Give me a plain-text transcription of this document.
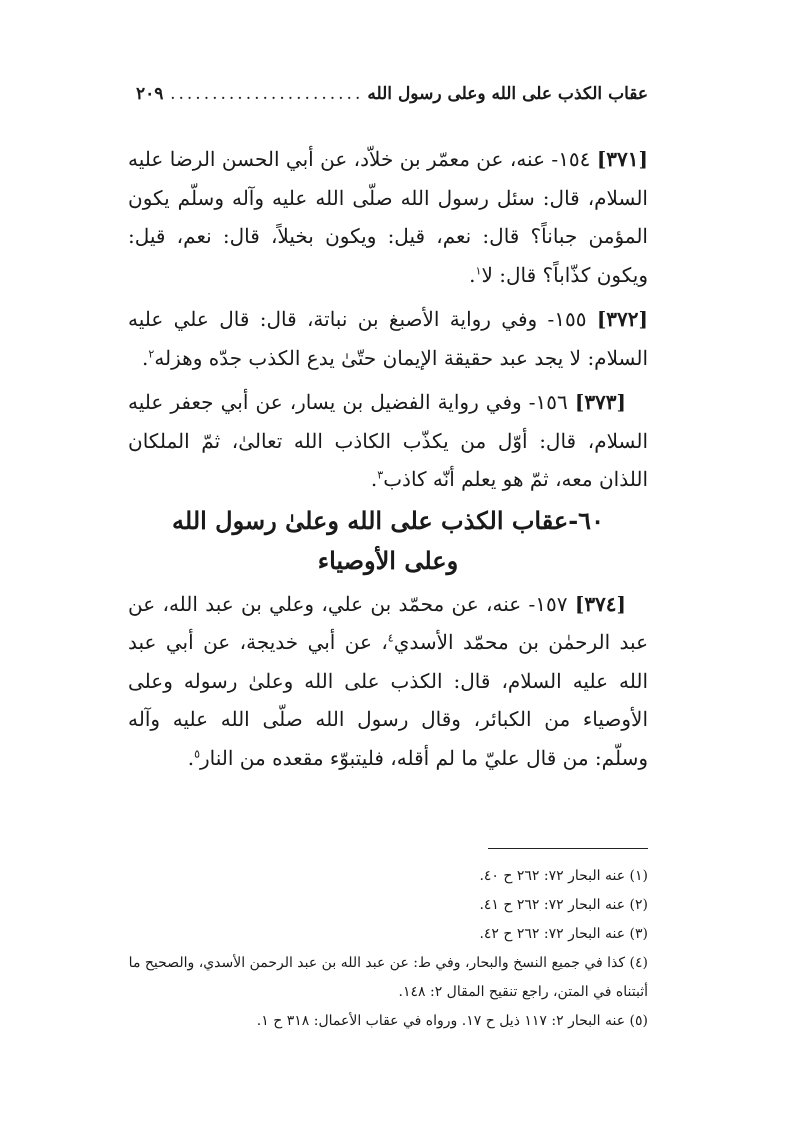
عقاب الكذب على الله وعلى رسول الله
.....
٢٠٩

[٣٧١] ١٥٤- عنه، عن معمّر بن خلاّد، عن أبي الحسن الرضا عليه السلام، قال: سئل رسول الله صلّى الله عليه وآله وسلّم يكون المؤمن جباناً؟ قال: نعم، قيل: ويكون بخيلاً، قال: نعم، قيل: ويكون كذّاباً؟ قال: لا$^١$.

[٣٧٢] ١٥٥- وفي رواية الأصبغ بن نباتة، قال: قال علي عليه السلام: لا يجد عبد حقيقة الإيمان حتّىٰ يدع الكذب جدّه وهزله$^٢$.

[٣٧٣] ١٥٦- وفي رواية الفضيل بن يسار، عن أبي جعفر عليه السلام، قال: أوّل من يكذّب الكاذب الله تعالىٰ، ثمّ الملكان اللذان معه، ثمّ هو يعلم أنّه كاذب$^٣$.

٦٠-عقاب الكذب على الله وعلىٰ رسول الله
وعلى الأوصياء

[٣٧٤] ١٥٧- عنه، عن محمّد بن علي، وعلي بن عبد الله، عن عبد الرحمٰن بن محمّد الأسدي$^٤$، عن أبي خديجة، عن أبي عبد الله عليه السلام، قال: الكذب على الله وعلىٰ رسوله وعلى الأوصياء من الكبائر، وقال رسول الله صلّى الله عليه وآله وسلّم: من قال عليّ ما لم أقله، فليتبوّء مقعده من النار$^٥$.

(١) عنه البحار ٧٢: ٢٦٢ ح ٤٠.

(٢) عنه البحار ٧٢: ٢٦٢ ح ٤١.

(٣) عنه البحار ٧٢: ٢٦٢ ح ٤٢.

(٤) كذا في جميع النسخ والبحار، وفي ط: عن عبد الله بن عبد الرحمن الأسدي، والصحيح ما أثبتناه في المتن، راجع تنقيح المقال ٢: ١٤٨.

(٥) عنه البحار ٢: ١١٧ ذيل ح ١٧. ورواه في عقاب الأعمال: ٣١٨ ح ١.
